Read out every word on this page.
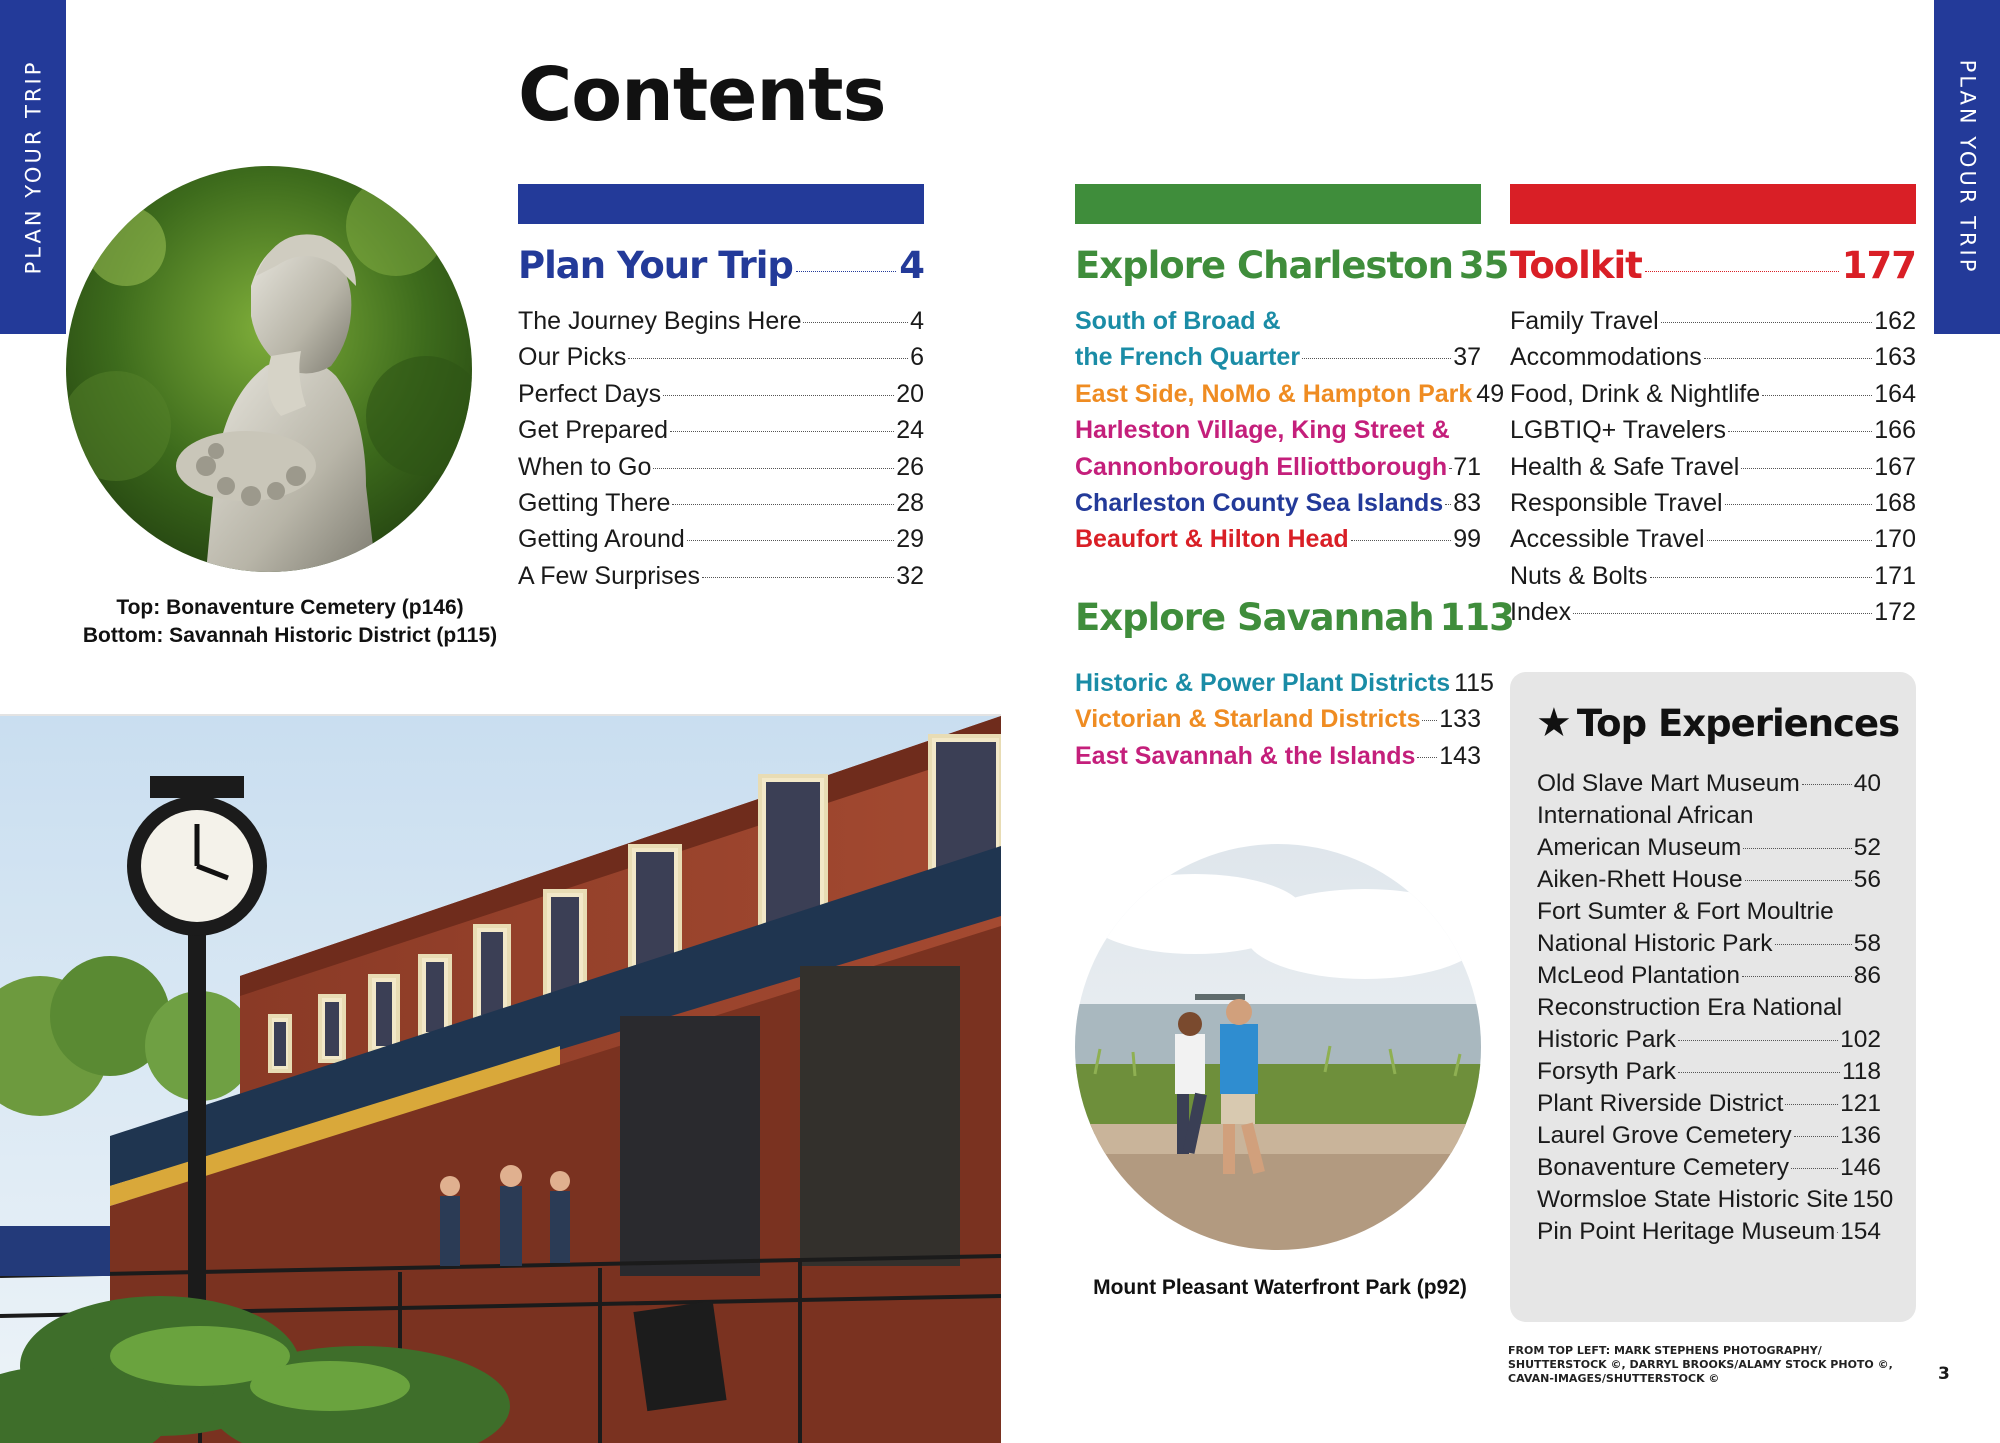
PLAN YOUR TRIP	PLAN YOUR TRIP
Contents
Top: Bonaventure Cemetery (p146)
Bottom: Savannah Historic District (p115)
Plan Your Trip	4
The Journey Begins Here	4
Our Picks	6
Perfect Days	20
Get Prepared	24
When to Go	26
Getting There	28
Getting Around	29
A Few Surprises	32
Explore Charleston 35
South of Broad &
the French Quarter	37
East Side, NoMo & Hampton Park 49
Harleston Village, King Street &
Cannonborough Elliottborough 71
Charleston County Sea Islands 83
Beaufort & Hilton Head	99
Explore Savannah 113
Historic & Power Plant Districts 115
Victorian & Starland Districts 133
East Savannah & the Islands 143
Mount Pleasant Waterfront Park (p92)
Toolkit	177
Family Travel	162
Accommodations	163
Food, Drink & Nightlife	164
LGBTIQ+ Travelers	166
Health & Safe Travel	167
Responsible Travel	168
Accessible Travel	170
Nuts & Bolts	171
Index	172
★ Top Experiences
Old Slave Mart Museum 40
International African
American Museum	52
Aiken-Rhett House	56
Fort Sumter & Fort Moultrie
National Historic Park	58
McLeod Plantation	86
Reconstruction Era National
Historic Park	102
Forsyth Park	118
Plant Riverside District 121
Laurel Grove Cemetery 136
Bonaventure Cemetery 146
Wormsloe State Historic Site 150
Pin Point Heritage Museum 154
FROM TOP LEFT: MARK STEPHENS PHOTOGRAPHY/ SHUTTERSTOCK ©, DARRYL BROOKS/ALAMY STOCK PHOTO ©, CAVAN-IMAGES/SHUTTERSTOCK ©	3
